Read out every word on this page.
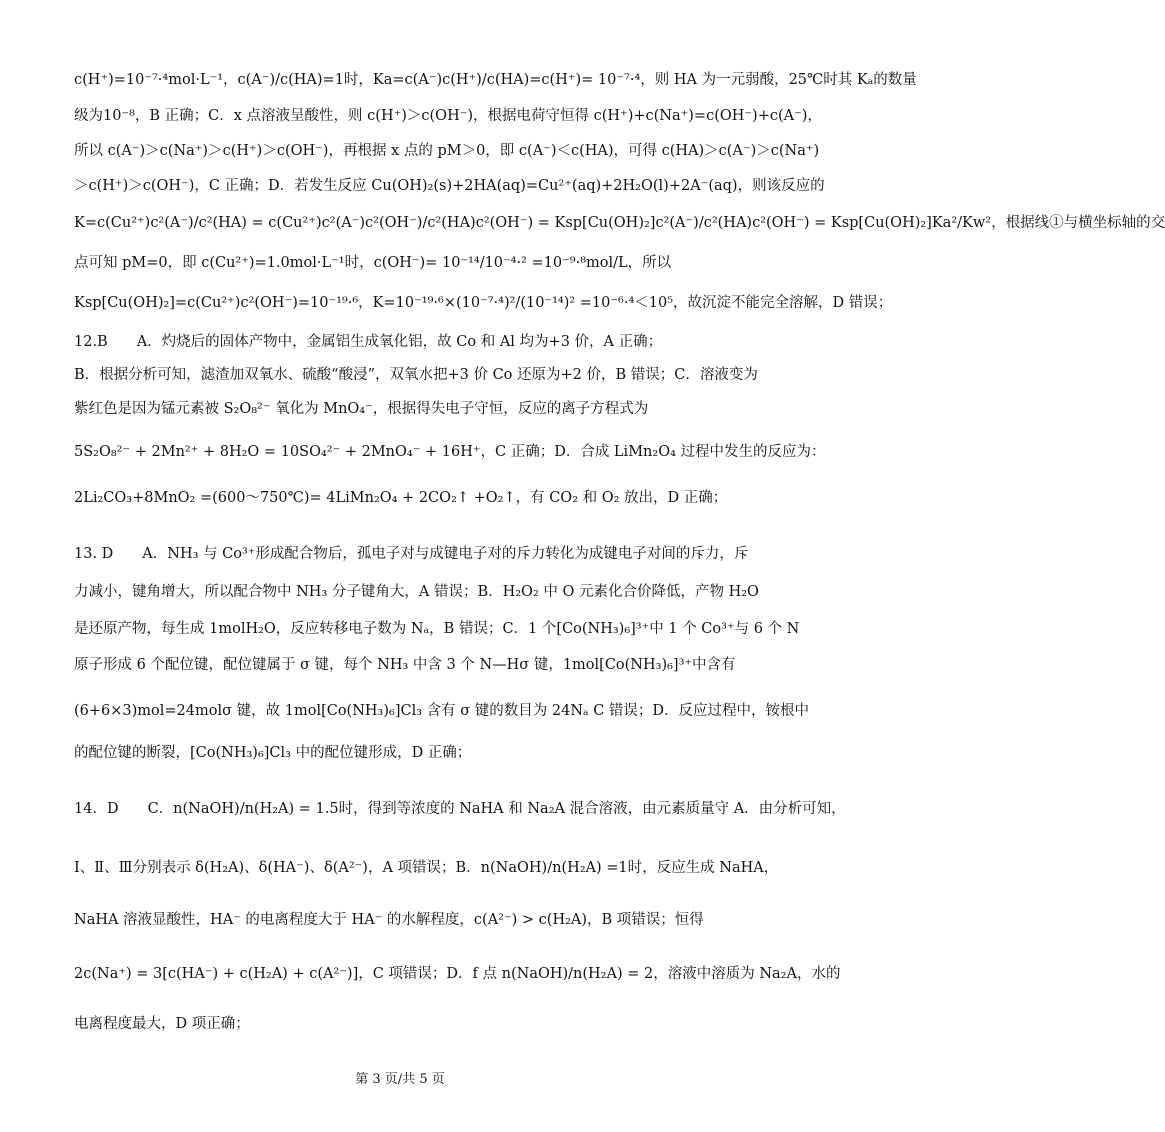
c(H⁺)=10⁻⁷·⁴mol·L⁻¹，c(A⁻)/c(HA)=1时，Ka=c(A⁻)c(H⁺)/c(HA)=c(H⁺)= 10⁻⁷·⁴，则 HA 为一元弱酸，25℃时其 Kₐ的数量
级为10⁻⁸，B 正确；C．x 点溶液呈酸性，则 c(H⁺)＞c(OH⁻)，根据电荷守恒得 c(H⁺)+c(Na⁺)=c(OH⁻)+c(A⁻)，
所以 c(A⁻)＞c(Na⁺)＞c(H⁺)＞c(OH⁻)，再根据 x 点的 pM＞0，即 c(A⁻)＜c(HA)，可得 c(HA)＞c(A⁻)＞c(Na⁺)
＞c(H⁺)＞c(OH⁻)，C 正确；D．若发生反应 Cu(OH)₂(s)+2HA(aq)=Cu²⁺(aq)+2H₂O(l)+2A⁻(aq)，则该反应的
K=c(Cu²⁺)c²(A⁻)/c²(HA) = c(Cu²⁺)c²(A⁻)c²(OH⁻)/c²(HA)c²(OH⁻) = Ksp[Cu(OH)₂]c²(A⁻)/c²(HA)c²(OH⁻) = Ksp[Cu(OH)₂]Ka²/Kw²，根据线①与横坐标轴的交
点可知 pM=0，即 c(Cu²⁺)=1.0mol·L⁻¹时，c(OH⁻)= 10⁻¹⁴/10⁻⁴·² =10⁻⁹·⁸mol/L，所以
Ksp[Cu(OH)₂]=c(Cu²⁺)c²(OH⁻)=10⁻¹⁹·⁶，K=10⁻¹⁹·⁶×(10⁻⁷·⁴)²/(10⁻¹⁴)² =10⁻⁶·⁴＜10⁵，故沉淀不能完全溶解，D 错误；
12.B　　A．灼烧后的固体产物中，金属铝生成氧化铝，故 Co 和 Al 均为+3 价，A 正确；
B．根据分析可知，滤渣加双氧水、硫酸“酸浸”，双氧水把+3 价 Co 还原为+2 价，B 错误；C．溶液变为
紫红色是因为锰元素被 S₂O₈²⁻ 氧化为 MnO₄⁻，根据得失电子守恒，反应的离子方程式为
5S₂O₈²⁻ + 2Mn²⁺ + 8H₂O = 10SO₄²⁻ + 2MnO₄⁻ + 16H⁺，C 正确；D．合成 LiMn₂O₄ 过程中发生的反应为：
2Li₂CO₃+8MnO₂ =(600～750℃)= 4LiMn₂O₄ + 2CO₂↑ +O₂↑，有 CO₂ 和 O₂ 放出，D 正确；
13. D　　A．NH₃ 与 Co³⁺形成配合物后，孤电子对与成键电子对的斥力转化为成键电子对间的斥力，斥
力减小，键角增大，所以配合物中 NH₃ 分子键角大，A 错误；B．H₂O₂ 中 O 元素化合价降低，产物 H₂O
是还原产物，每生成 1molH₂O，反应转移电子数为 Nₐ，B 错误；C．1 个[Co(NH₃)₆]³⁺中 1 个 Co³⁺与 6 个 N
原子形成 6 个配位键，配位键属于 σ 键，每个 NH₃ 中含 3 个 N—Hσ 键，1mol[Co(NH₃)₆]³⁺中含有
(6+6×3)mol=24molσ 键，故 1mol[Co(NH₃)₆]Cl₃ 含有 σ 键的数目为 24Nₐ C 错误；D．反应过程中，铵根中
的配位键的断裂，[Co(NH₃)₆]Cl₃ 中的配位键形成，D 正确；
14．D　　C．n(NaOH)/n(H₂A) = 1.5时，得到等浓度的 NaHA 和 Na₂A 混合溶液，由元素质量守 A．由分析可知，
Ⅰ、Ⅱ、Ⅲ分别表示 δ(H₂A)、δ(HA⁻)、δ(A²⁻)，A 项错误；B．n(NaOH)/n(H₂A) =1时，反应生成 NaHA，
NaHA 溶液显酸性，HA⁻ 的电离程度大于 HA⁻ 的水解程度，c(A²⁻) > c(H₂A)，B 项错误；恒得
2c(Na⁺) = 3[c(HA⁻) + c(H₂A) + c(A²⁻)]，C 项错误；D．f 点 n(NaOH)/n(H₂A) = 2，溶液中溶质为 Na₂A，水的
电离程度最大，D 项正确；
第 3 页/共 5 页
